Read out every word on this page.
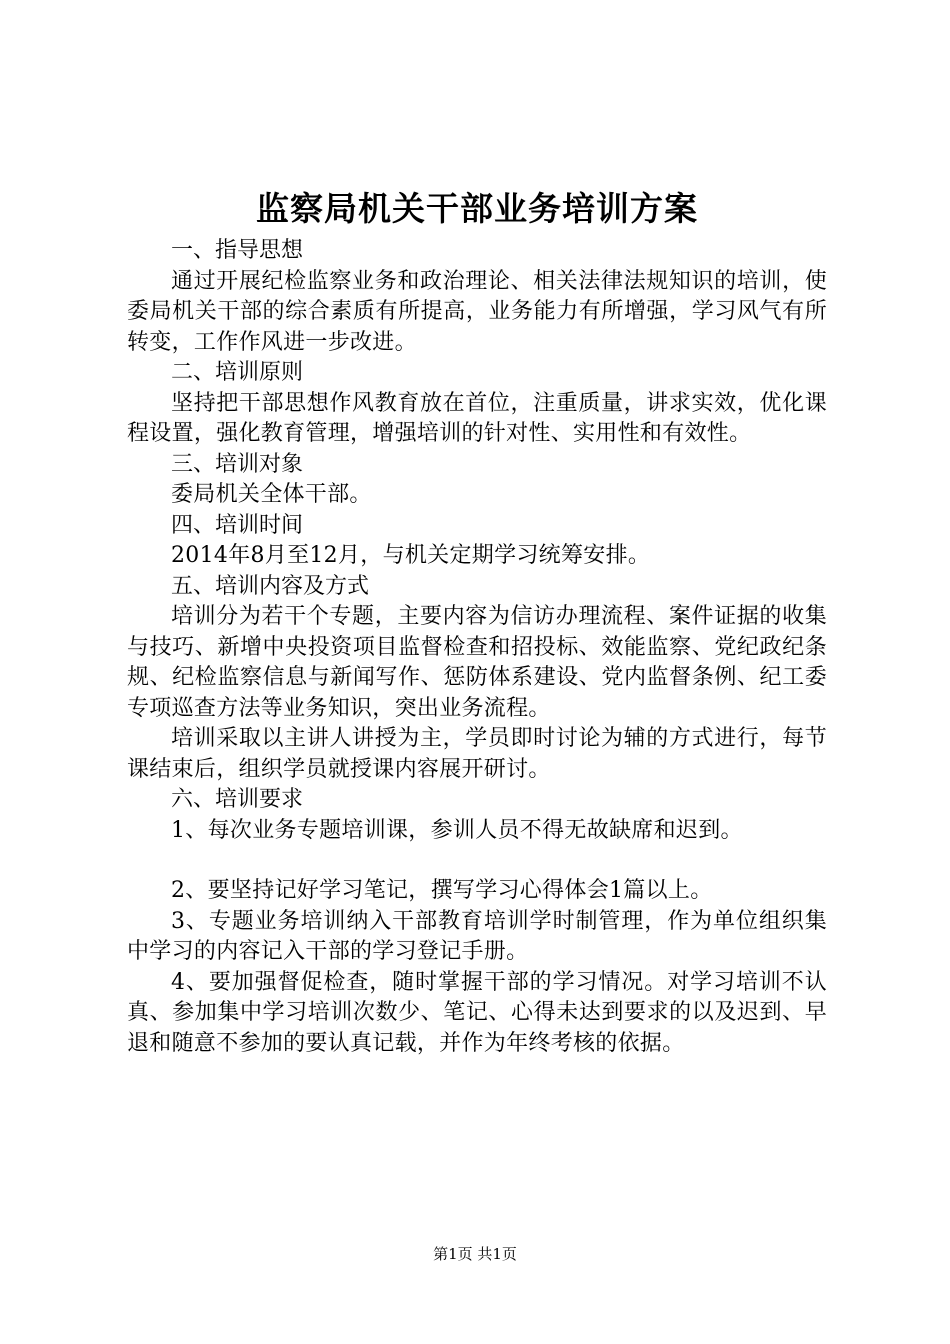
监察局机关干部业务培训方案
一、指导思想

通过开展纪检监察业务和政治理论、相关法律法规知识的培训，使委局机关干部的综合素质有所提高，业务能力有所增强，学习风气有所转变，工作作风进一步改进。

二、培训原则

坚持把干部思想作风教育放在首位，注重质量，讲求实效，优化课程设置，强化教育管理，增强培训的针对性、实用性和有效性。

三、培训对象

委局机关全体干部。

四、培训时间

2014年8月至12月，与机关定期学习统筹安排。

五、培训内容及方式

培训分为若干个专题，主要内容为信访办理流程、案件证据的收集与技巧、新增中央投资项目监督检查和招投标、效能监察、党纪政纪条规、纪检监察信息与新闻写作、惩防体系建设、党内监督条例、纪工委专项巡查方法等业务知识，突出业务流程。

培训采取以主讲人讲授为主，学员即时讨论为辅的方式进行，每节课结束后，组织学员就授课内容展开研讨。

六、培训要求

1、每次业务专题培训课，参训人员不得无故缺席和迟到。

2、要坚持记好学习笔记，撰写学习心得体会1篇以上。

3、专题业务培训纳入干部教育培训学时制管理，作为单位组织集中学习的内容记入干部的学习登记手册。

4、要加强督促检查，随时掌握干部的学习情况。对学习培训不认真、参加集中学习培训次数少、笔记、心得未达到要求的以及迟到、早退和随意不参加的要认真记载，并作为年终考核的依据。

第1页 共1页
